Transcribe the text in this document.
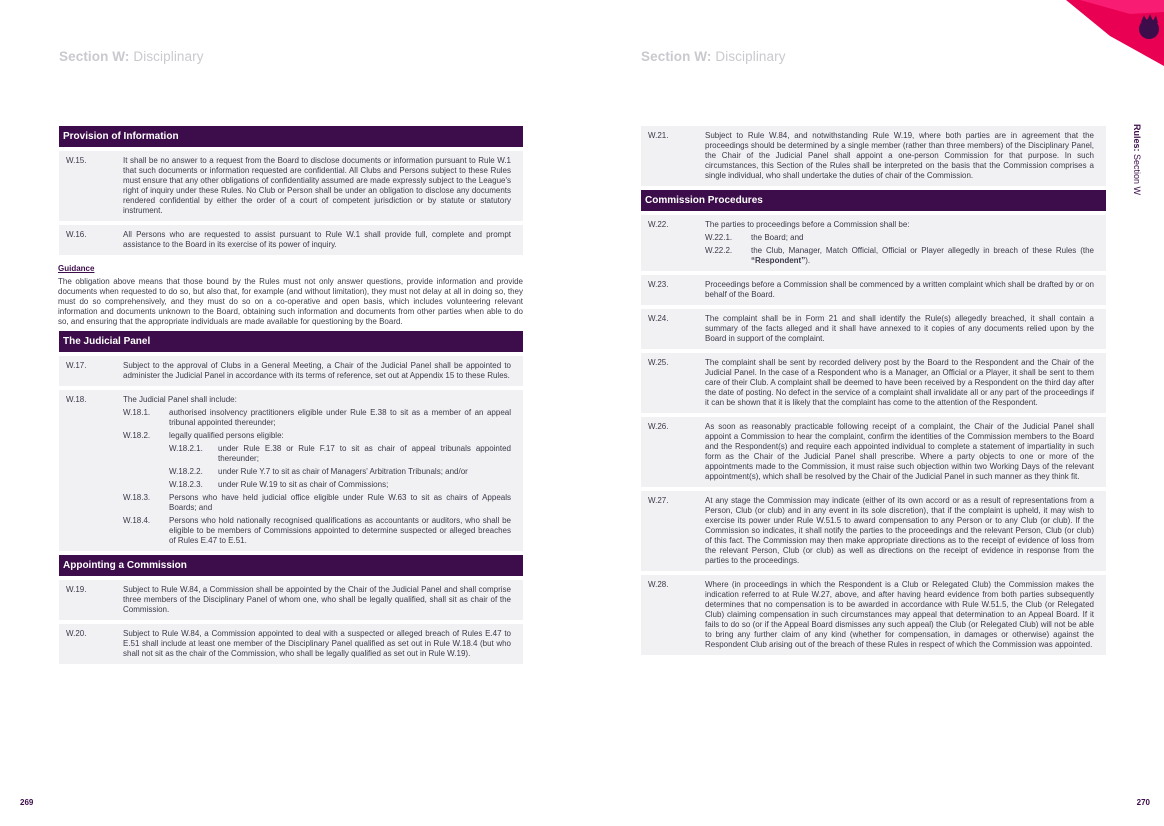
Section W: Disciplinary
Provision of Information
W.15.	It shall be no answer to a request from the Board to disclose documents or information pursuant to Rule W.1 that such documents or information requested are confidential. All Clubs and Persons subject to these Rules must ensure that any other obligations of confidentiality assumed are made expressly subject to the League's right of inquiry under these Rules. No Club or Person shall be under an obligation to disclose any documents rendered confidential by either the order of a court of competent jurisdiction or by statute or statutory instrument.
W.16.	All Persons who are requested to assist pursuant to Rule W.1 shall provide full, complete and prompt assistance to the Board in its exercise of its power of inquiry.
Guidance
The obligation above means that those bound by the Rules must not only answer questions, provide information and provide documents when requested to do so, but also that, for example (and without limitation), they must not delay at all in doing so, they must do so comprehensively, and they must do so on a co-operative and open basis, which includes volunteering relevant information and documents unknown to the Board, obtaining such information and documents from other parties when able to do so, and ensuring that the appropriate individuals are made available for questioning by the Board.
The Judicial Panel
W.17.	Subject to the approval of Clubs in a General Meeting, a Chair of the Judicial Panel shall be appointed to administer the Judicial Panel in accordance with its terms of reference, set out at Appendix 15 to these Rules.
W.18.	The Judicial Panel shall include:
W.18.1.	authorised insolvency practitioners eligible under Rule E.38 to sit as a member of an appeal tribunal appointed thereunder;
W.18.2.	legally qualified persons eligible:
W.18.2.1.	under Rule E.38 or Rule F.17 to sit as chair of appeal tribunals appointed thereunder;
W.18.2.2.	under Rule Y.7 to sit as chair of Managers' Arbitration Tribunals; and/or
W.18.2.3.	under Rule W.19 to sit as chair of Commissions;
W.18.3.	Persons who have held judicial office eligible under Rule W.63 to sit as chairs of Appeals Boards; and
W.18.4.	Persons who hold nationally recognised qualifications as accountants or auditors, who shall be eligible to be members of Commissions appointed to determine suspected or alleged breaches of Rules E.47 to E.51.
Appointing a Commission
W.19.	Subject to Rule W.84, a Commission shall be appointed by the Chair of the Judicial Panel and shall comprise three members of the Disciplinary Panel of whom one, who shall be legally qualified, shall sit as chair of the Commission.
W.20.	Subject to Rule W.84, a Commission appointed to deal with a suspected or alleged breach of Rules E.47 to E.51 shall include at least one member of the Disciplinary Panel qualified as set out in Rule W.18.4 (but who shall not sit as the chair of the Commission, who shall be legally qualified as set out in Rule W.19).
269
Section W: Disciplinary
Rules: Section W
W.21.	Subject to Rule W.84, and notwithstanding Rule W.19, where both parties are in agreement that the proceedings should be determined by a single member (rather than three members) of the Disciplinary Panel, the Chair of the Judicial Panel shall appoint a one-person Commission for that purpose. In such circumstances, this Section of the Rules shall be interpreted on the basis that the Commission comprises a single individual, who shall undertake the duties of chair of the Commission.
Commission Procedures
W.22.	The parties to proceedings before a Commission shall be:
W.22.1.	the Board; and
W.22.2.	the Club, Manager, Match Official, Official or Player allegedly in breach of these Rules (the “Respondent”).
W.23.	Proceedings before a Commission shall be commenced by a written complaint which shall be drafted by or on behalf of the Board.
W.24.	The complaint shall be in Form 21 and shall identify the Rule(s) allegedly breached, it shall contain a summary of the facts alleged and it shall have annexed to it copies of any documents relied upon by the Board in support of the complaint.
W.25.	The complaint shall be sent by recorded delivery post by the Board to the Respondent and the Chair of the Judicial Panel. In the case of a Respondent who is a Manager, an Official or a Player, it shall be sent to them care of their Club. A complaint shall be deemed to have been received by a Respondent on the third day after the date of posting. No defect in the service of a complaint shall invalidate all or any part of the proceedings if it can be shown that it is likely that the complaint has come to the attention of the Respondent.
W.26.	As soon as reasonably practicable following receipt of a complaint, the Chair of the Judicial Panel shall appoint a Commission to hear the complaint, confirm the identities of the Commission members to the Board and the Respondent(s) and require each appointed individual to complete a statement of impartiality in such form as the Chair of the Judicial Panel shall prescribe. Where a party objects to one or more of the appointments made to the Commission, it must raise such objection within two Working Days of the relevant appointment(s), which shall be resolved by the Chair of the Judicial Panel in such manner as they think fit.
W.27.	At any stage the Commission may indicate (either of its own accord or as a result of representations from a Person, Club (or club) and in any event in its sole discretion), that if the complaint is upheld, it may wish to exercise its power under Rule W.51.5 to award compensation to any Person or to any Club (or club). If the Commission so indicates, it shall notify the parties to the proceedings and the relevant Person, Club (or club) of this fact. The Commission may then make appropriate directions as to the receipt of evidence of loss from the relevant Person, Club (or club) as well as directions on the receipt of evidence in response from the parties to the proceedings.
W.28.	Where (in proceedings in which the Respondent is a Club or Relegated Club) the Commission makes the indication referred to at Rule W.27, above, and after having heard evidence from both parties subsequently determines that no compensation is to be awarded in accordance with Rule W.51.5, the Club (or Relegated Club) claiming compensation in such circumstances may appeal that determination to an Appeal Board. If it fails to do so (or if the Appeal Board dismisses any such appeal) the Club (or Relegated Club) will not be able to bring any further claim of any kind (whether for compensation, in damages or otherwise) against the Respondent Club arising out of the breach of these Rules in respect of which the Commission was appointed.
270
